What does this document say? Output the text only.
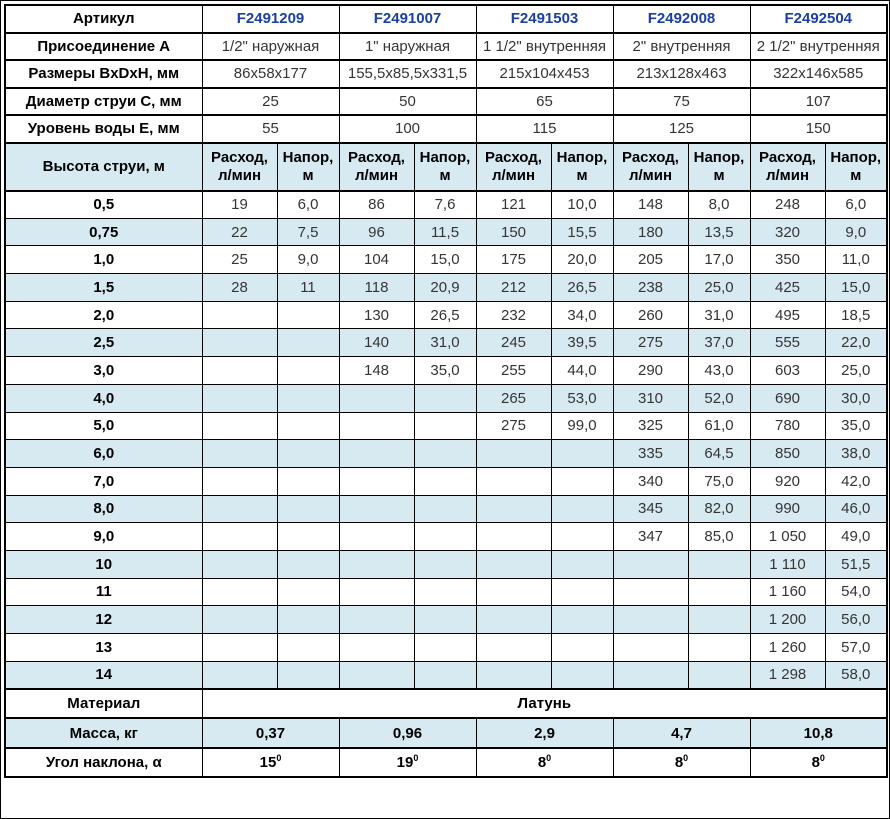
Артикул	F2491209		F2491007		F2491503		F2492008		F2492504	
Присоединение A	1/2" наружная		1" наружная		1 1/2" внутренняя		2" внутренняя		2 1/2" внутренняя	
Размеры ВxDxH, мм	86x58x177		155,5x85,5x331,5		215x104x453		213x128x463		322x146x585	
Диаметр струи C, мм	25		50		65		75		107	
Уровень воды E, мм	55		100		115		125		150	
Высота струи, м	Расход, л/мин	Напор, м	Расход, л/мин	Напор, м	Расход, л/мин	Напор, м	Расход, л/мин	Напор, м	Расход, л/мин	Напор, м
0,5	19	6,0	86	7,6	121	10,0	148	8,0	248	6,0
0,75	22	7,5	96	11,5	150	15,5	180	13,5	320	9,0
1,0	25	9,0	104	15,0	175	20,0	205	17,0	350	11,0
1,5	28	11	118	20,9	212	26,5	238	25,0	425	15,0
2,0			130	26,5	232	34,0	260	31,0	495	18,5
2,5			140	31,0	245	39,5	275	37,0	555	22,0
3,0			148	35,0	255	44,0	290	43,0	603	25,0
4,0					265	53,0	310	52,0	690	30,0
5,0					275	99,0	325	61,0	780	35,0
6,0							335	64,5	850	38,0
7,0							340	75,0	920	42,0
8,0							345	82,0	990	46,0
9,0							347	85,0	1 050	49,0
10									1 110	51,5
11									1 160	54,0
12									1 200	56,0
13									1 260	57,0
14									1 298	58,0
Материал	Латунь									
Масса, кг	0,37		0,96		2,9		4,7		10,8	
Угол наклона, α	$15^0$		$19^0$		$8^0$		$8^0$		$8^0$
